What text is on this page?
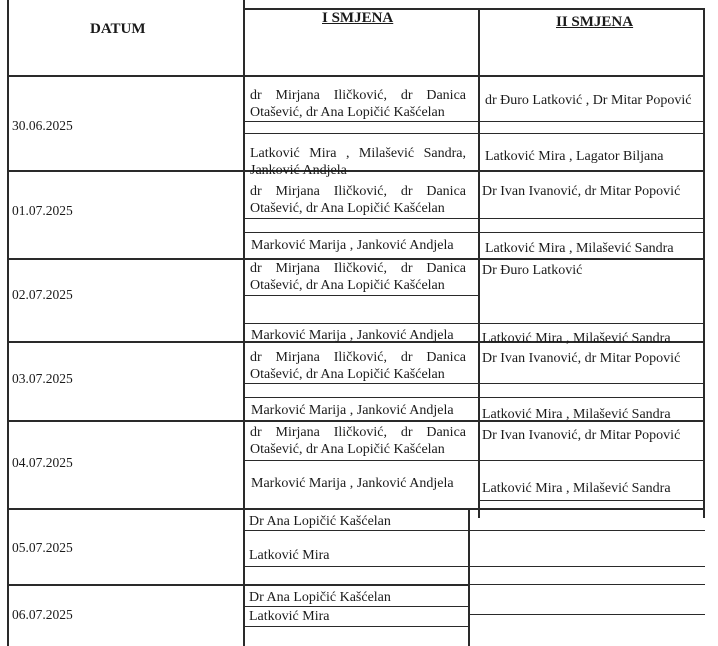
DATUM
I SMJENA	II SMJENA
30.06.2025
dr Mirjana Iličković, dr Danica Otašević, dr Ana Lopičić Kašćelan
Latković Mira , Milašević Sandra, Janković Andjela
dr Đuro Latković , Dr Mitar Popović
Latković Mira , Lagator Biljana
01.07.2025
dr Mirjana Iličković, dr Danica Otašević, dr Ana Lopičić Kašćelan
Marković Marija , Janković Andjela
Dr Ivan Ivanović, dr Mitar Popović
Latković Mira , Milašević Sandra
02.07.2025
dr Mirjana Iličković, dr Danica Otašević, dr Ana Lopičić Kašćelan
Marković Marija , Janković Andjela
Dr Đuro Latković
Latković Mira , Milašević Sandra
03.07.2025
dr Mirjana Iličković, dr Danica Otašević, dr Ana Lopičić Kašćelan
Marković Marija , Janković Andjela
Dr Ivan Ivanović, dr Mitar Popović
Latković Mira , Milašević Sandra
04.07.2025
dr Mirjana Iličković, dr Danica Otašević, dr Ana Lopičić Kašćelan
Marković Marija , Janković Andjela
Dr Ivan Ivanović, dr Mitar Popović
Latković Mira , Milašević Sandra
05.07.2025
Dr Ana Lopičić Kašćelan
Latković Mira
06.07.2025
Dr Ana Lopičić Kašćelan
Latković Mira
